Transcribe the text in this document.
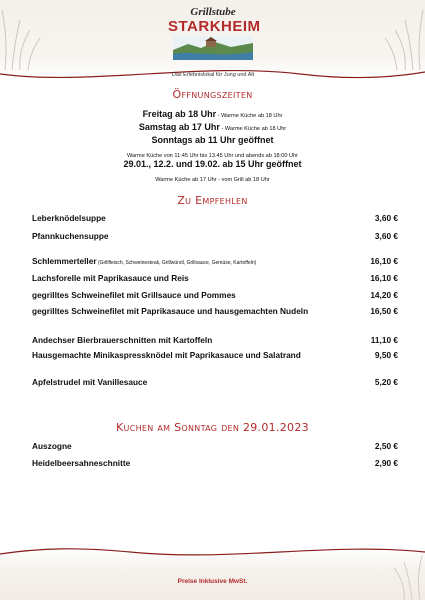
Grillstube
STARKHEIM
Das Erlebnislokal für Jung und Alt
Öffnungszeiten
Freitag ab 18 Uhr - Warme Küche ab 18 Uhr
Samstag ab 17 Uhr - Warme Küche ab 18 Uhr
Sonntags ab 11 Uhr geöffnet
Warme Küche von 11:45 Uhr bis 13.45 Uhr und abends ab 18:00 Uhr
29.01., 12.2. und 19.02. ab 15 Uhr geöffnet
Warme Küche ab 17 Uhr - vom Grill ab 18 Uhr
Zu Empfehlen
Leberknödelsuppe	3,60 €
Pfannkuchensuppe	3,60 €
Schlemmerteller (Grillfleisch, Schweinesteak, Grillwürstl, Grillsauce, Gemüse, Kartoffeln)	16,10 €
Lachsforelle mit Paprikasauce und Reis	16,10 €
gegrilltes Schweinefilet mit Grillsauce und Pommes	14,20 €
gegrilltes Schweinefilet mit Paprikasauce und hausgemachten Nudeln	16,50 €
Andechser Bierbrauerschnitten mit Kartoffeln	11,10 €
Hausgemachte Minikaspressknödel mit Paprikasauce und Salatrand	9,50 €
Apfelstrudel mit Vanillesauce	5,20 €
Kuchen am Sonntag den 29.01.2023
Auszogne	2,50 €
Heidelbeersahneschnitte	2,90 €
Preise Inklusive MwSt.
